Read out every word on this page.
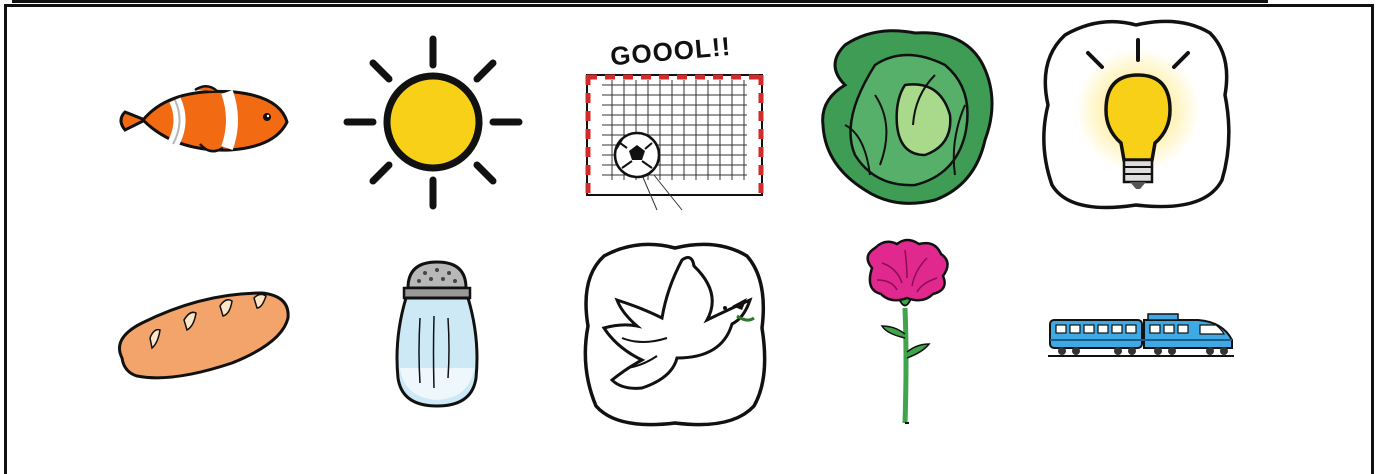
GOOOL!!
